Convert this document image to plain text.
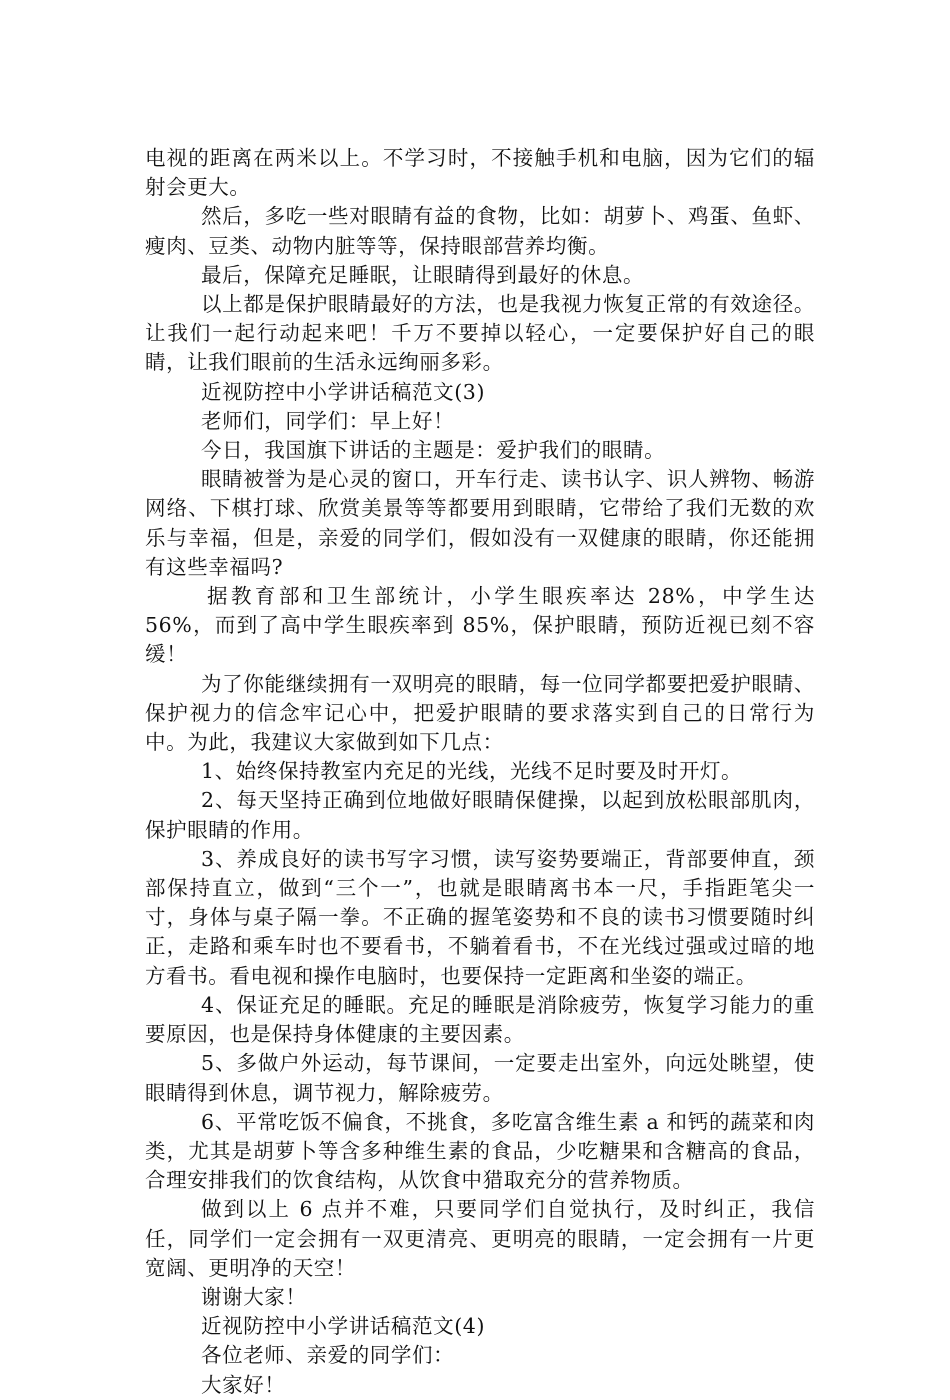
电视的距离在两米以上。不学习时，不接触手机和电脑，因为它们的辐射会更大。

然后，多吃一些对眼睛有益的食物，比如：胡萝卜、鸡蛋、鱼虾、瘦肉、豆类、动物内脏等等，保持眼部营养均衡。

最后，保障充足睡眠，让眼睛得到最好的休息。

以上都是保护眼睛最好的方法，也是我视力恢复正常的有效途径。让我们一起行动起来吧！千万不要掉以轻心，一定要保护好自己的眼睛，让我们眼前的生活永远绚丽多彩。

近视防控中小学讲话稿范文(3)

老师们，同学们：早上好！

今日，我国旗下讲话的主题是：爱护我们的眼睛。

眼睛被誉为是心灵的窗口，开车行走、读书认字、识人辨物、畅游网络、下棋打球、欣赏美景等等都要用到眼睛，它带给了我们无数的欢乐与幸福，但是，亲爱的同学们，假如没有一双健康的眼睛，你还能拥有这些幸福吗?

据教育部和卫生部统计，小学生眼疾率达 28%，中学生达56%，而到了高中学生眼疾率到 85%，保护眼睛，预防近视已刻不容缓！

为了你能继续拥有一双明亮的眼睛，每一位同学都要把爱护眼睛、保护视力的信念牢记心中，把爱护眼睛的要求落实到自己的日常行为中。为此，我建议大家做到如下几点：

1、始终保持教室内充足的光线，光线不足时要及时开灯。

2、每天坚持正确到位地做好眼睛保健操，以起到放松眼部肌肉，保护眼睛的作用。

3、养成良好的读书写字习惯，读写姿势要端正，背部要伸直，颈部保持直立，做到“三个一”，也就是眼睛离书本一尺，手指距笔尖一寸，身体与桌子隔一拳。不正确的握笔姿势和不良的读书习惯要随时纠正，走路和乘车时也不要看书，不躺着看书，不在光线过强或过暗的地方看书。看电视和操作电脑时，也要保持一定距离和坐姿的端正。

4、保证充足的睡眠。充足的睡眠是消除疲劳，恢复学习能力的重要原因，也是保持身体健康的主要因素。

5、多做户外运动，每节课间，一定要走出室外，向远处眺望，使眼睛得到休息，调节视力，解除疲劳。

6、平常吃饭不偏食，不挑食，多吃富含维生素 a 和钙的蔬菜和肉类，尤其是胡萝卜等含多种维生素的食品，少吃糖果和含糖高的食品，合理安排我们的饮食结构，从饮食中猎取充分的营养物质。

做到以上 6 点并不难，只要同学们自觉执行，及时纠正，我信任，同学们一定会拥有一双更清亮、更明亮的眼睛，一定会拥有一片更宽阔、更明净的天空！

谢谢大家！

近视防控中小学讲话稿范文(4)

各位老师、亲爱的同学们：

大家好！
